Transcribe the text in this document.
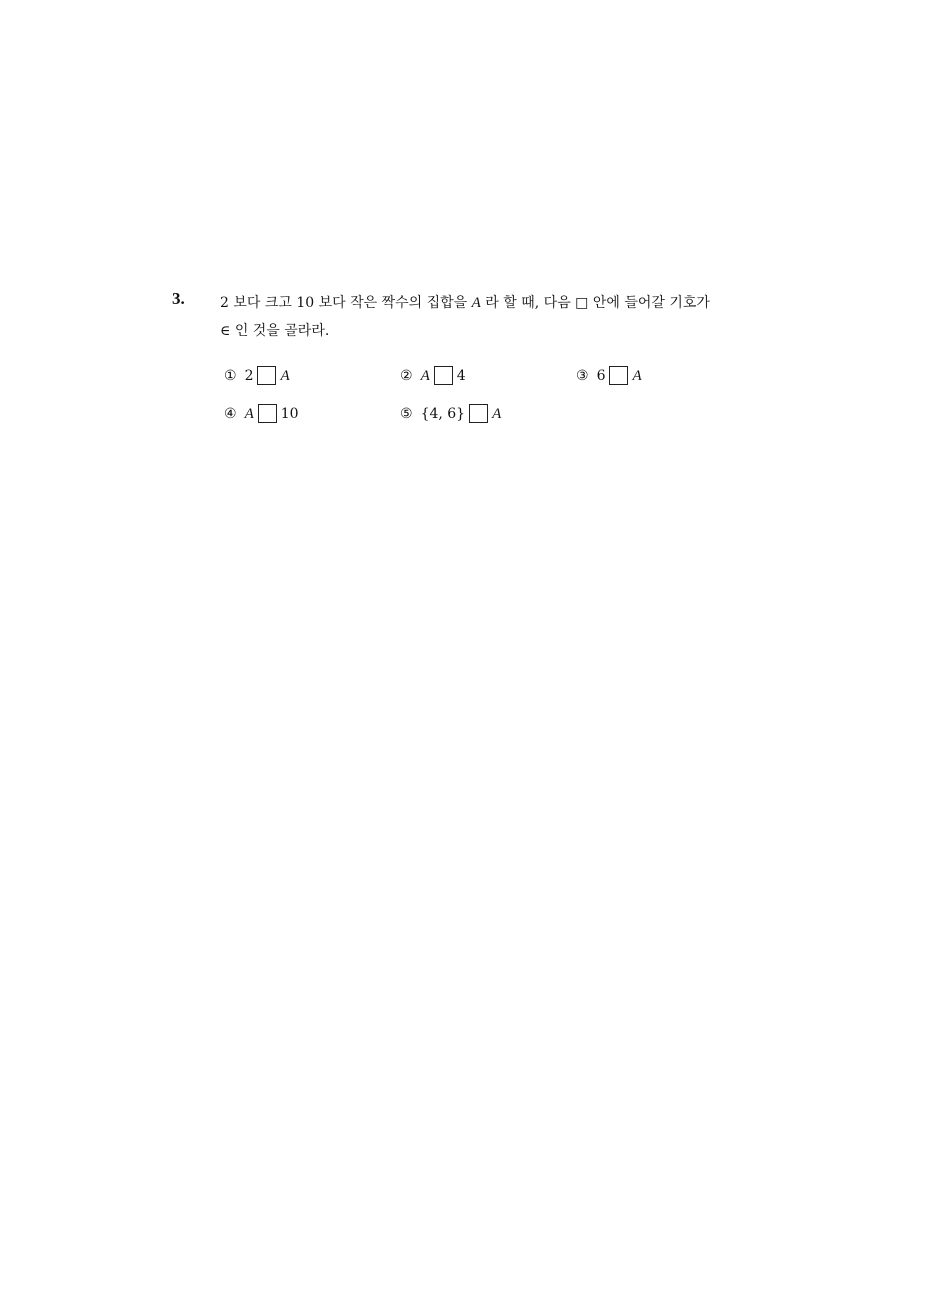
3.	2 보다 크고 10 보다 작은 짝수의 집합을 A 라 할 때, 다음 □ 안에 들어갈 기호가
∈ 인 것을 골라라.
① 2 A	② A 4	③ 6 A
④ A 10	⑤ {4, 6} A
